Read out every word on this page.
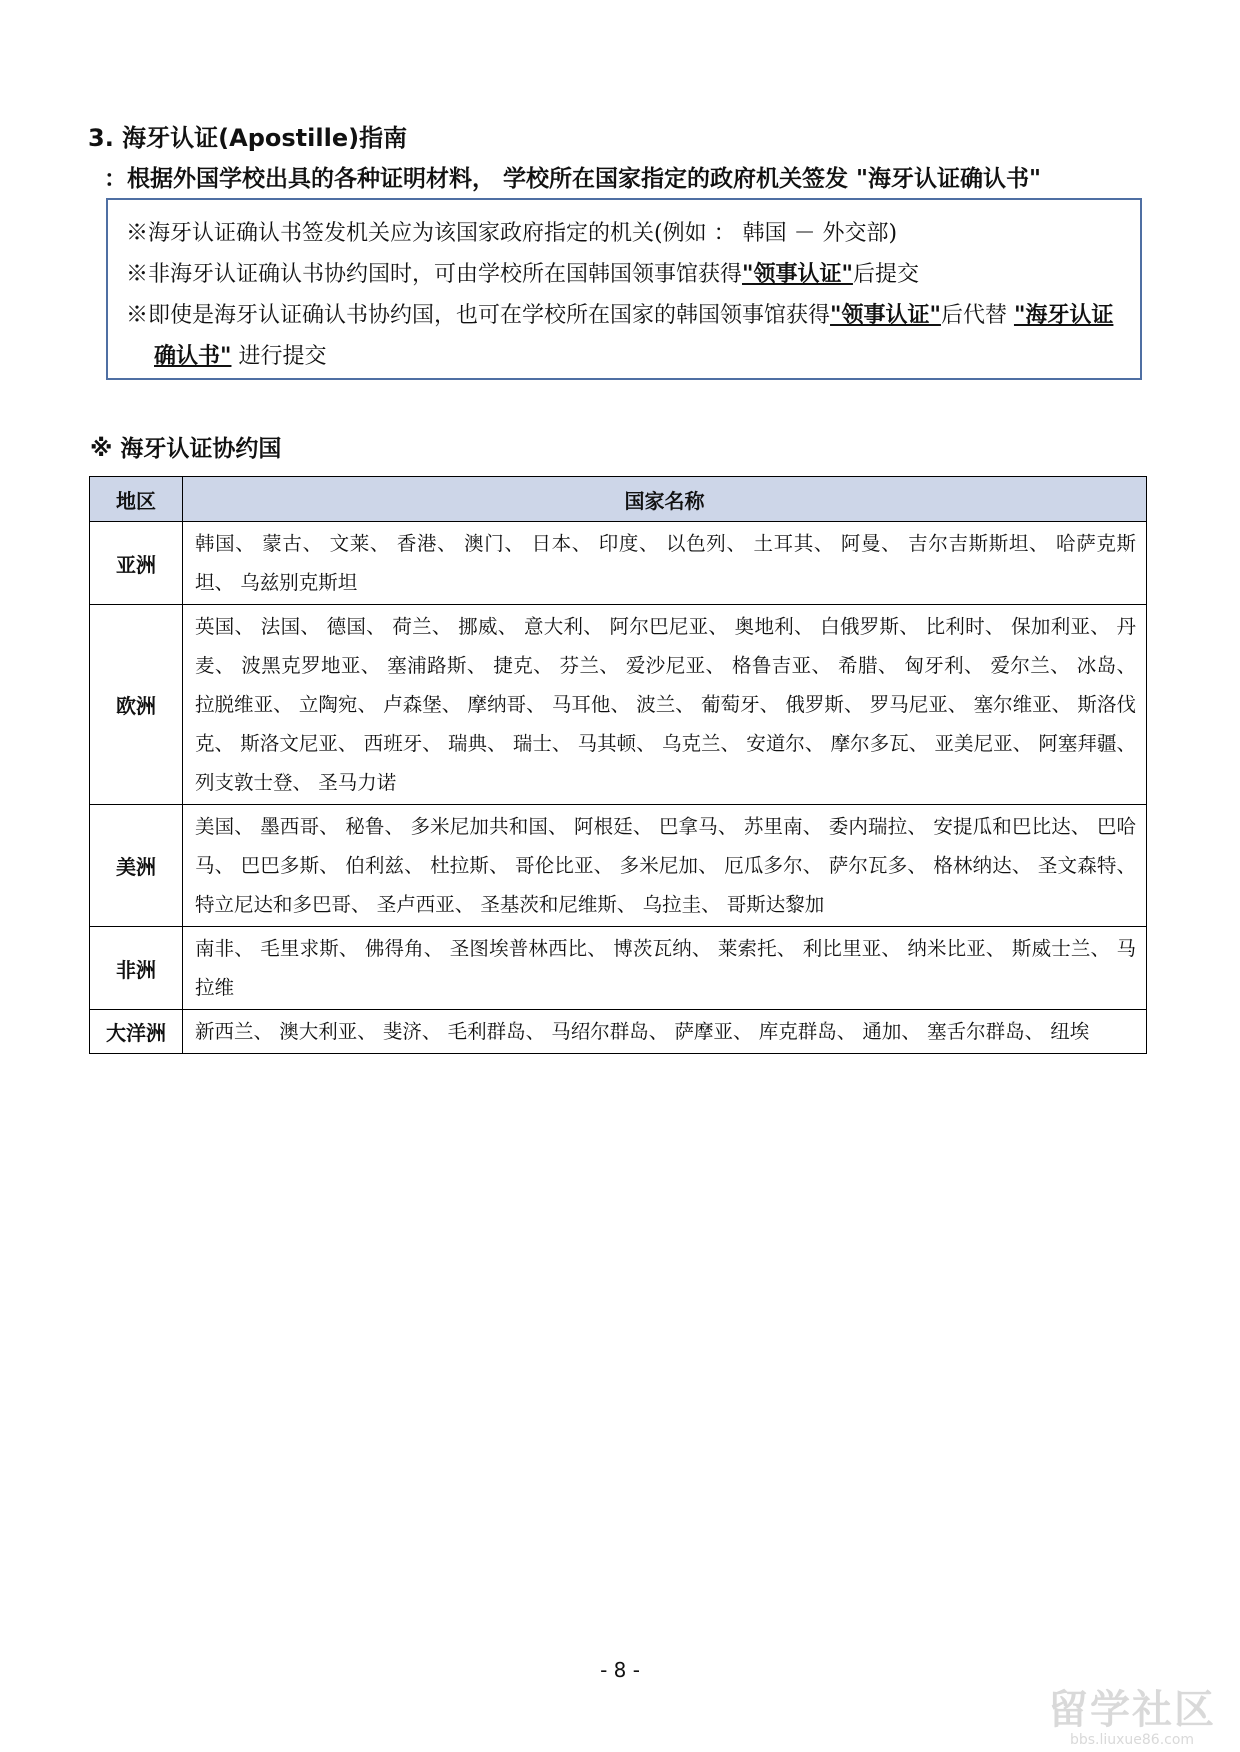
3. 海牙认证(Apostille)指南

：根据外国学校出具的各种证明材料， 学校所在国家指定的政府机关签发 "海牙认证确认书"

※海牙认证确认书签发机关应为该国家政府指定的机关(例如 ： 韩国 － 外交部)

※非海牙认证确认书协约国时，可由学校所在国韩国领事馆获得"领事认证"后提交

※即使是海牙认证确认书协约国，也可在学校所在国家的韩国领事馆获得"领事认证"后代替 "海牙认证确认书" 进行提交

※ 海牙认证协约国
地区	国家名称
亚洲	韩国、 蒙古、 文莱、 香港、 澳门、 日本、 印度、 以色列、 土耳其、 阿曼、 吉尔吉斯斯坦、 哈萨克斯坦、 乌兹别克斯坦
欧洲	英国、 法国、 德国、 荷兰、 挪威、 意大利、 阿尔巴尼亚、 奥地利、 白俄罗斯、 比利时、 保加利亚、 丹麦、 波黑克罗地亚、 塞浦路斯、 捷克、 芬兰、 爱沙尼亚、 格鲁吉亚、 希腊、 匈牙利、 爱尔兰、 冰岛、 拉脱维亚、 立陶宛、 卢森堡、 摩纳哥、 马耳他、 波兰、 葡萄牙、 俄罗斯、 罗马尼亚、 塞尔维亚、 斯洛伐克、 斯洛文尼亚、 西班牙、 瑞典、 瑞士、 马其顿、 乌克兰、 安道尔、 摩尔多瓦、 亚美尼亚、 阿塞拜疆、 列支敦士登、 圣马力诺
美洲	美国、 墨西哥、 秘鲁、 多米尼加共和国、 阿根廷、 巴拿马、 苏里南、 委内瑞拉、 安提瓜和巴比达、 巴哈马、 巴巴多斯、 伯利兹、 杜拉斯、 哥伦比亚、 多米尼加、 厄瓜多尔、 萨尔瓦多、 格林纳达、 圣文森特、 特立尼达和多巴哥、 圣卢西亚、 圣基茨和尼维斯、 乌拉圭、 哥斯达黎加
非洲	南非、 毛里求斯、 佛得角、 圣图埃普林西比、 博茨瓦纳、 莱索托、 利比里亚、 纳米比亚、 斯威士兰、 马拉维
大洋洲	新西兰、 澳大利亚、 斐济、 毛利群岛、 马绍尔群岛、 萨摩亚、 库克群岛、 通加、 塞舌尔群岛、 纽埃

- 8 -

留学社区
bbs.liuxue86.com
